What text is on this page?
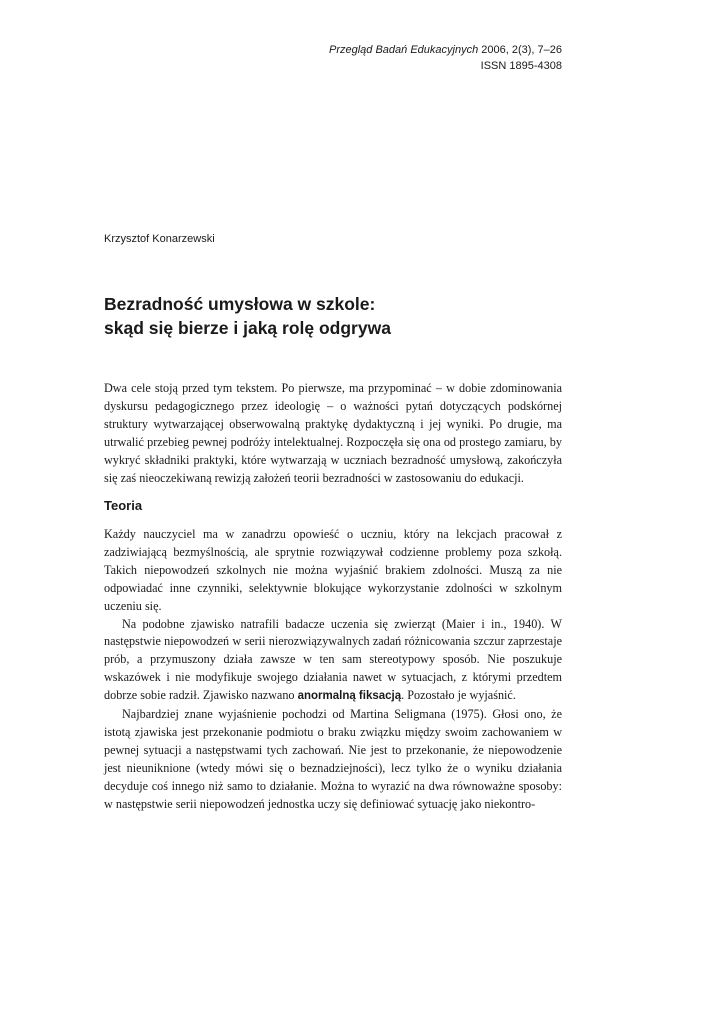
Przegląd Badań Edukacyjnych 2006, 2(3), 7–26
ISSN 1895-4308
Krzysztof Konarzewski
Bezradność umysłowa w szkole:
skąd się bierze i jaką rolę odgrywa

Dwa cele stoją przed tym tekstem. Po pierwsze, ma przypominać – w dobie zdominowania dyskursu pedagogicznego przez ideologię – o ważności pytań dotyczących podskórnej struktury wytwarzającej obserwowalną praktykę dydaktyczną i jej wyniki. Po drugie, ma utrwalić przebieg pewnej podróży intelektualnej. Rozpoczęła się ona od prostego zamiaru, by wykryć składniki praktyki, które wytwarzają w uczniach bezradność umysłową, zakończyła się zaś nieoczekiwaną rewizją założeń teorii bezradności w zastosowaniu do edukacji.

Teoria

Każdy nauczyciel ma w zanadrzu opowieść o uczniu, który na lekcjach pracował z zadziwiającą bezmyślnością, ale sprytnie rozwiązywał codzienne problemy poza szkołą. Takich niepowodzeń szkolnych nie można wyjaśnić brakiem zdolności. Muszą za nie odpowiadać inne czynniki, selektywnie blokujące wykorzystanie zdolności w szkolnym uczeniu się.

Na podobne zjawisko natrafili badacze uczenia się zwierząt (Maier i in., 1940). W następstwie niepowodzeń w serii nierozwiązywalnych zadań różnicowania szczur zaprzestaje prób, a przymuszony działa zawsze w ten sam stereotypowy sposób. Nie poszukuje wskazówek i nie modyfikuje swojego działania nawet w sytuacjach, z którymi przedtem dobrze sobie radził. Zjawisko nazwano anormalną fiksacją. Pozostało je wyjaśnić.

Najbardziej znane wyjaśnienie pochodzi od Martina Seligmana (1975). Głosi ono, że istotą zjawiska jest przekonanie podmiotu o braku związku między swoim zachowaniem w pewnej sytuacji a następstwami tych zachowań. Nie jest to przekonanie, że niepowodzenie jest nieuniknione (wtedy mówi się o beznadziejności), lecz tylko że o wyniku działania decyduje coś innego niż samo to działanie. Można to wyrazić na dwa równoważne sposoby: w następstwie serii niepowodzeń jednostka uczy się definiować sytuację jako niekontro-
